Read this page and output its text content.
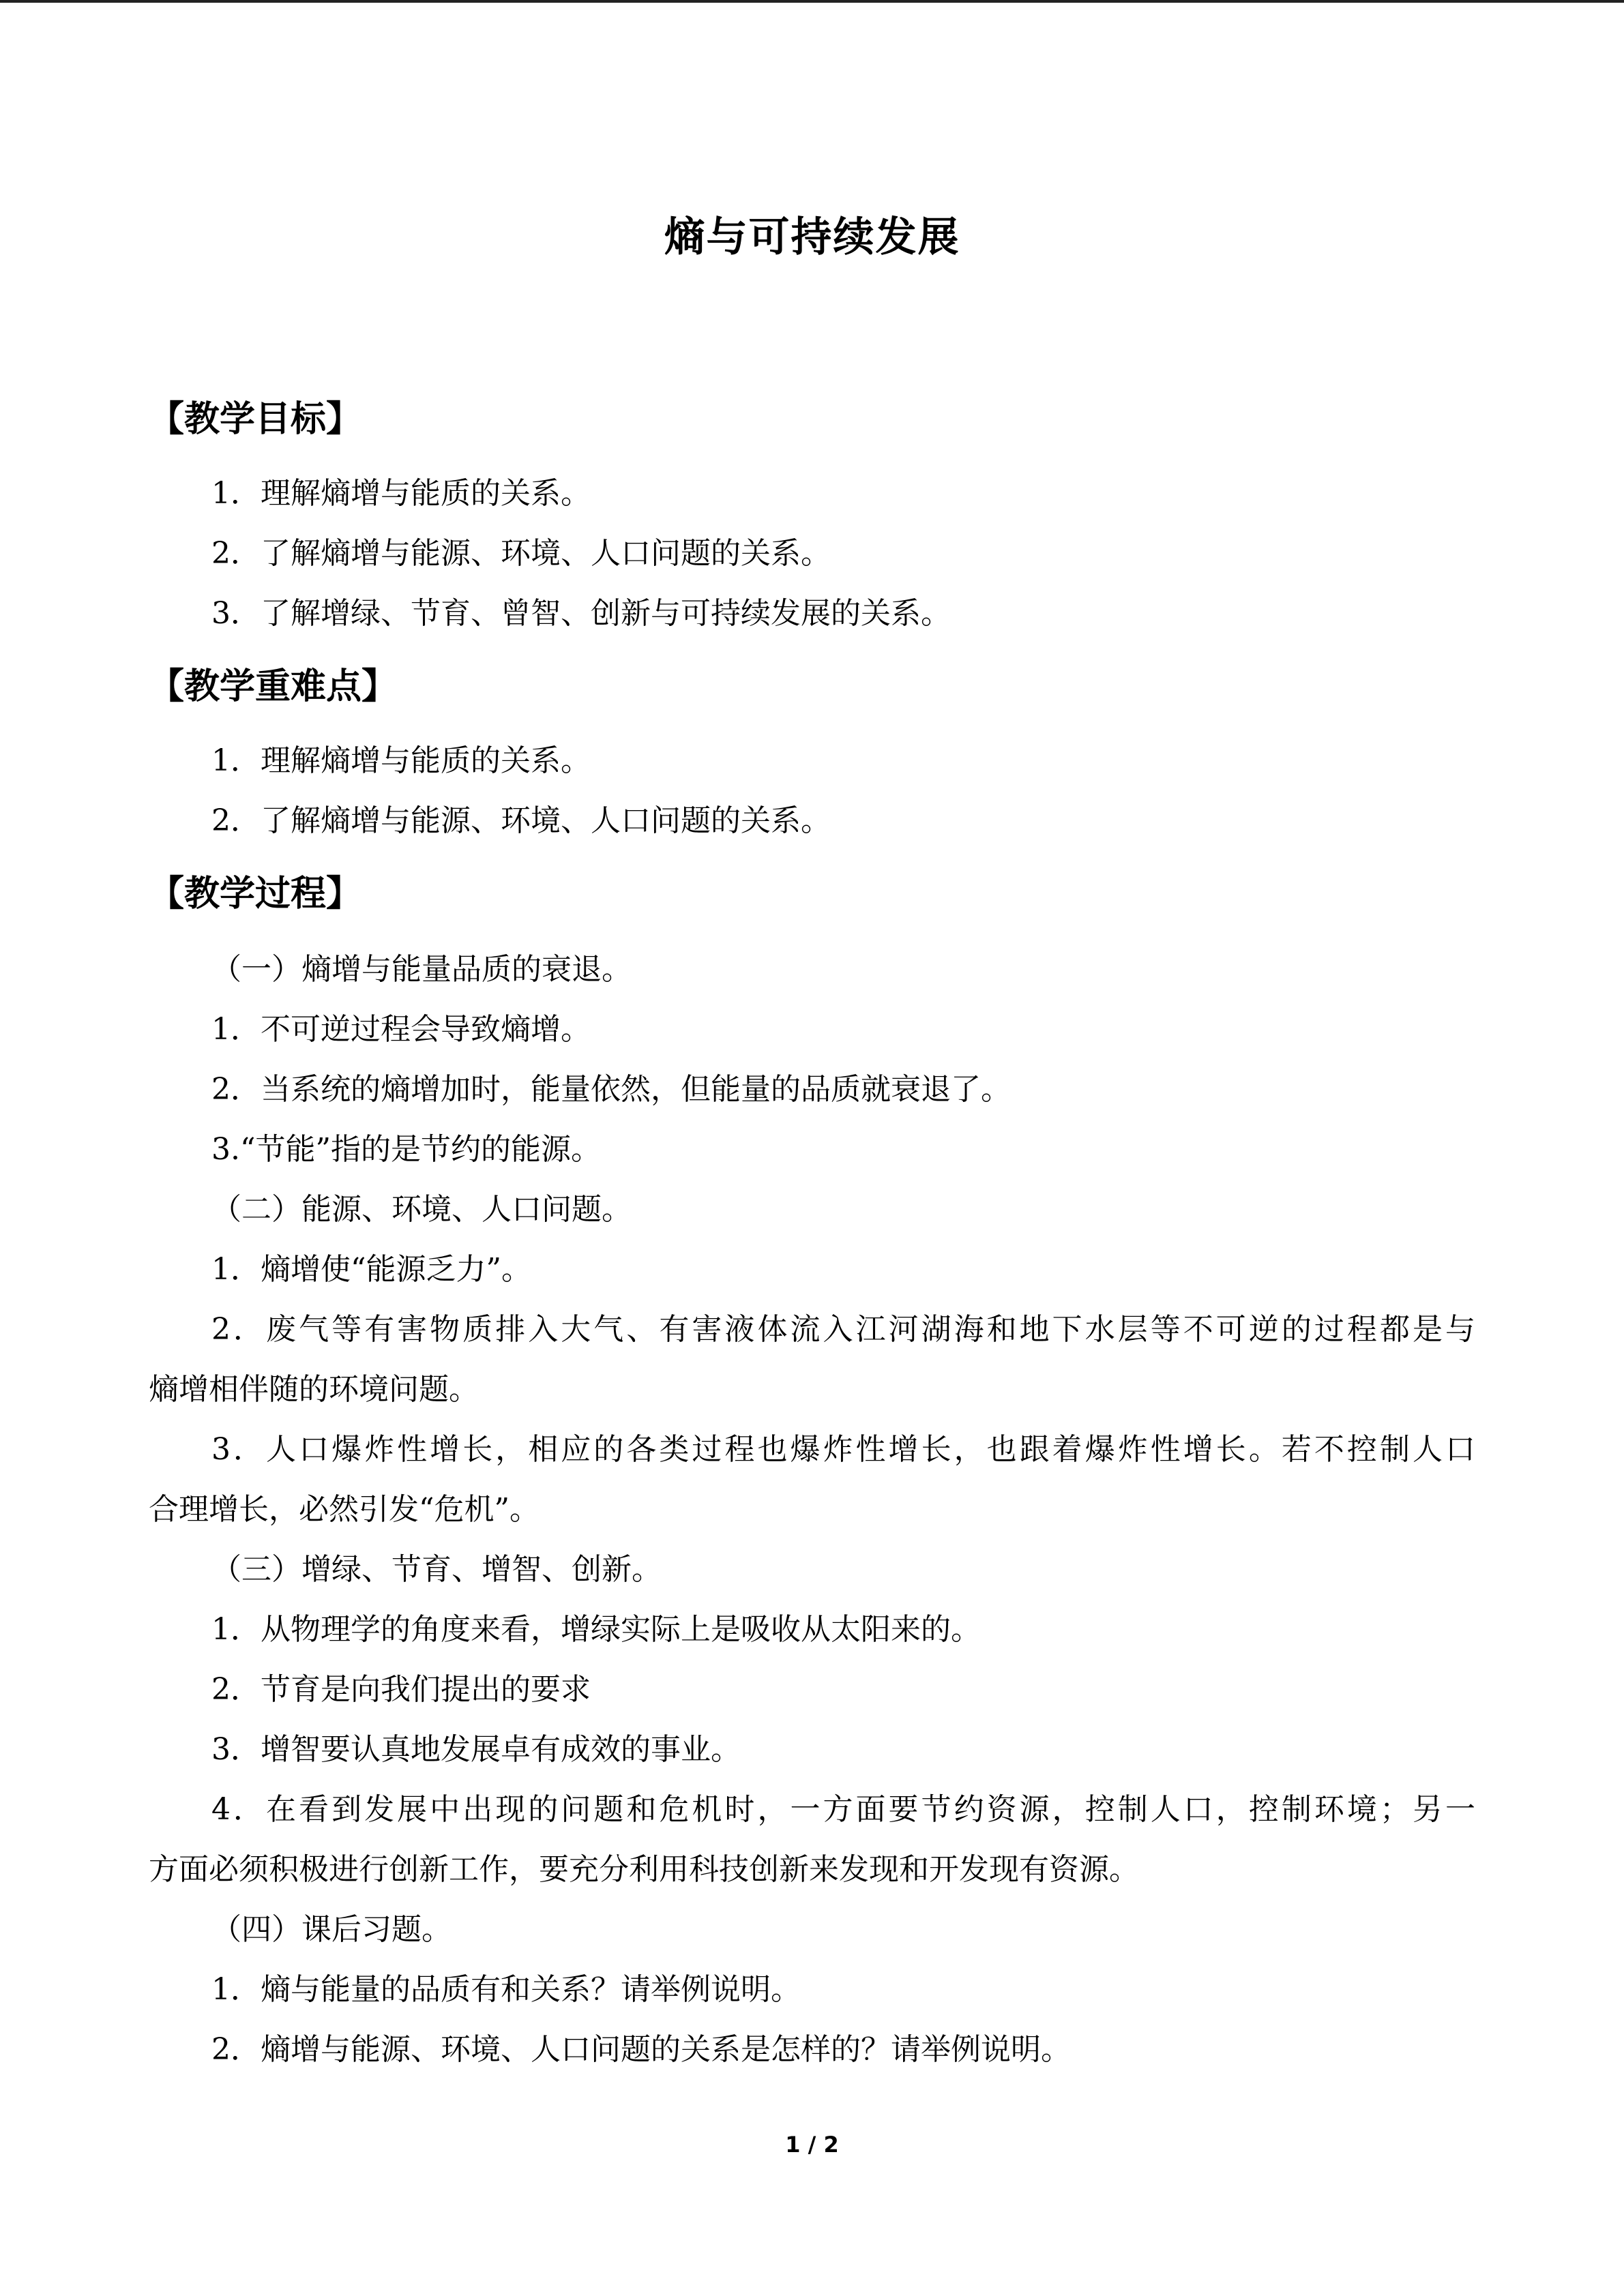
熵与可持续发展
【教学目标】
1．理解熵增与能质的关系。
2．了解熵增与能源、环境、人口问题的关系。
3．了解增绿、节育、曾智、创新与可持续发展的关系。
【教学重难点】
1．理解熵增与能质的关系。
2．了解熵增与能源、环境、人口问题的关系。
【教学过程】
（一）熵增与能量品质的衰退。
1．不可逆过程会导致熵增。
2．当系统的熵增加时，能量依然，但能量的品质就衰退了。
3.“节能”指的是节约的能源。
（二）能源、环境、人口问题。
1．熵增使“能源乏力”。
2．废气等有害物质排入大气、有害液体流入江河湖海和地下水层等不可逆的过程都是与
熵增相伴随的环境问题。
3．人口爆炸性增长，相应的各类过程也爆炸性增长，也跟着爆炸性增长。若不控制人口
合理增长，必然引发“危机”。
（三）增绿、节育、增智、创新。
1．从物理学的角度来看，增绿实际上是吸收从太阳来的。
2．节育是向我们提出的要求
3．增智要认真地发展卓有成效的事业。
4．在看到发展中出现的问题和危机时，一方面要节约资源，控制人口，控制环境；另一
方面必须积极进行创新工作，要充分利用科技创新来发现和开发现有资源。
（四）课后习题。
1．熵与能量的品质有和关系？请举例说明。
2．熵增与能源、环境、人口问题的关系是怎样的？请举例说明。
1 / 2
